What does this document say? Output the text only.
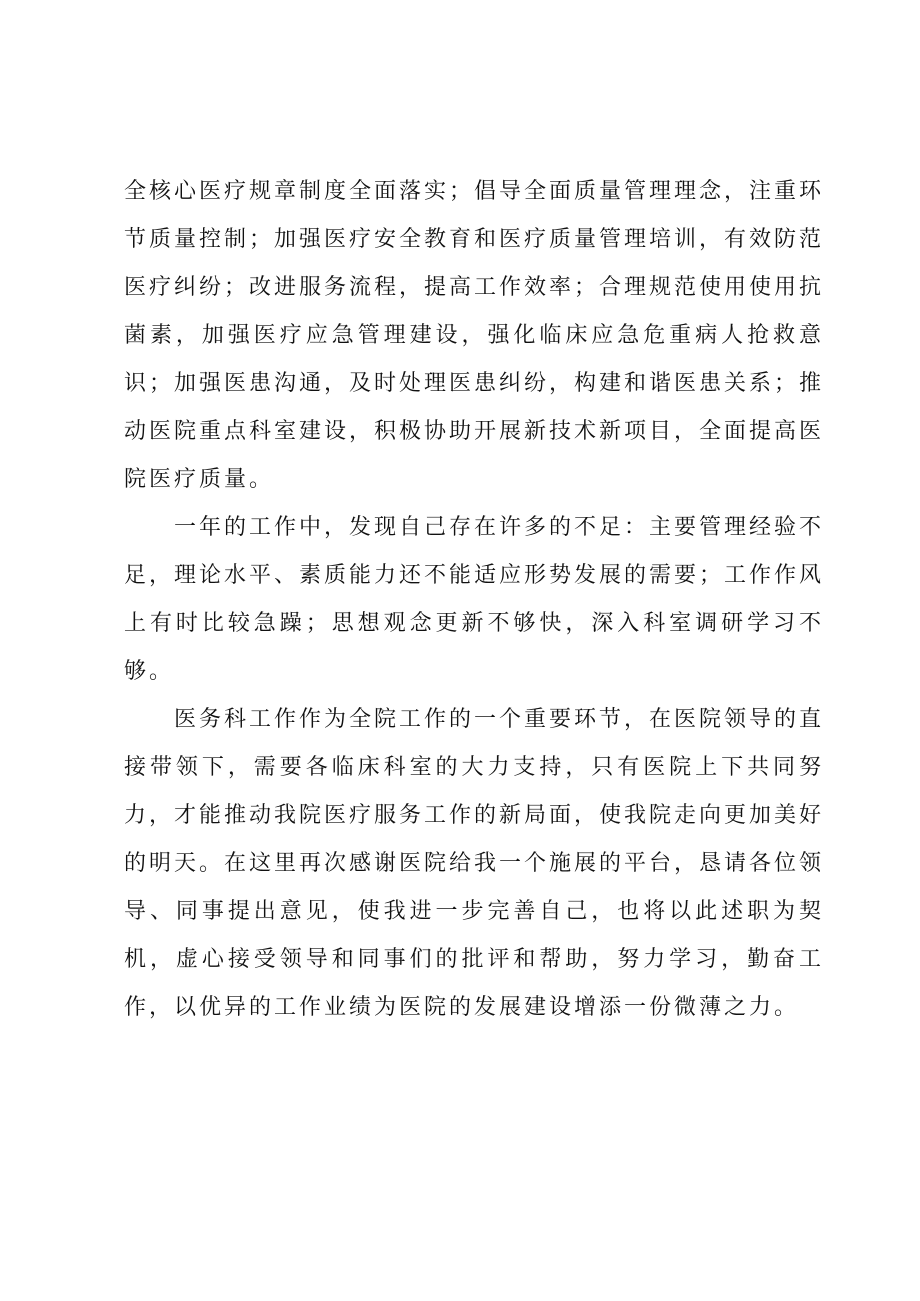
全核心医疗规章制度全面落实；倡导全面质量管理理念，注重环节质量控制；加强医疗安全教育和医疗质量管理培训，有效防范医疗纠纷；改进服务流程，提高工作效率；合理规范使用使用抗菌素，加强医疗应急管理建设，强化临床应急危重病人抢救意识；加强医患沟通，及时处理医患纠纷，构建和谐医患关系；推动医院重点科室建设，积极协助开展新技术新项目，全面提高医院医疗质量。

一年的工作中，发现自己存在许多的不足：主要管理经验不足，理论水平、素质能力还不能适应形势发展的需要；工作作风上有时比较急躁；思想观念更新不够快，深入科室调研学习不够。

医务科工作作为全院工作的一个重要环节，在医院领导的直接带领下，需要各临床科室的大力支持，只有医院上下共同努力，才能推动我院医疗服务工作的新局面，使我院走向更加美好的明天。在这里再次感谢医院给我一个施展的平台，恳请各位领导、同事提出意见，使我进一步完善自己，也将以此述职为契机，虚心接受领导和同事们的批评和帮助，努力学习，勤奋工作，以优异的工作业绩为医院的发展建设增添一份微薄之力。
